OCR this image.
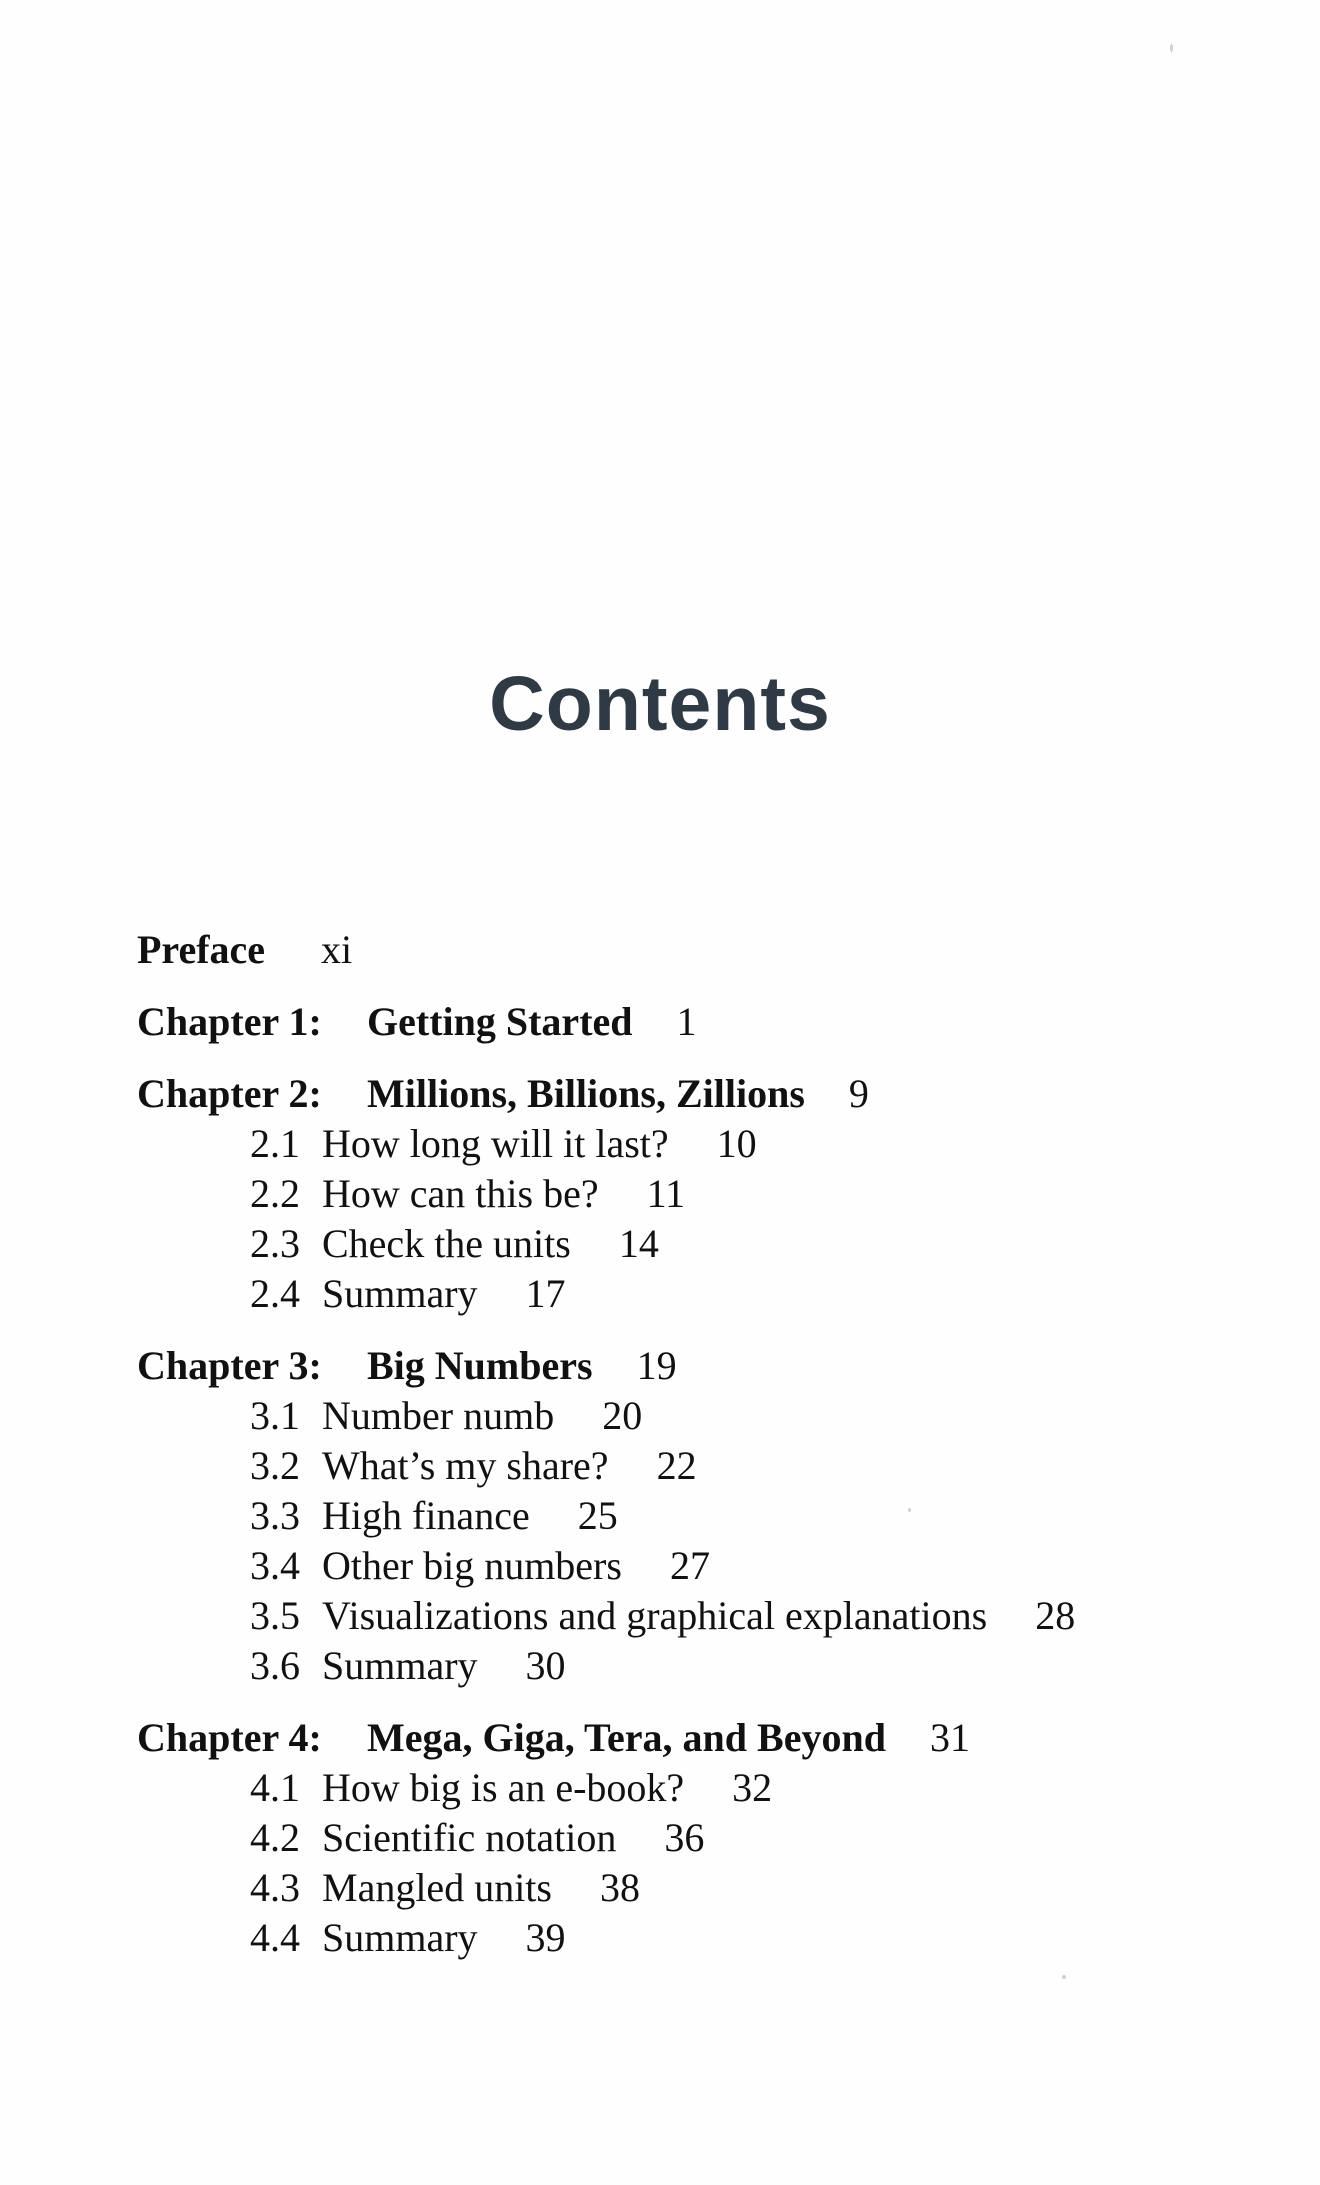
Contents
Preface xi
Chapter 1: Getting Started 1
Chapter 2: Millions, Billions, Zillions 9
2.1 How long will it last? 10
2.2 How can this be? 11
2.3 Check the units 14
2.4 Summary 17
Chapter 3: Big Numbers 19
3.1 Number numb 20
3.2 What’s my share? 22
3.3 High finance 25
3.4 Other big numbers 27
3.5 Visualizations and graphical explanations 28
3.6 Summary 30
Chapter 4: Mega, Giga, Tera, and Beyond 31
4.1 How big is an e-book? 32
4.2 Scientific notation 36
4.3 Mangled units 38
4.4 Summary 39
